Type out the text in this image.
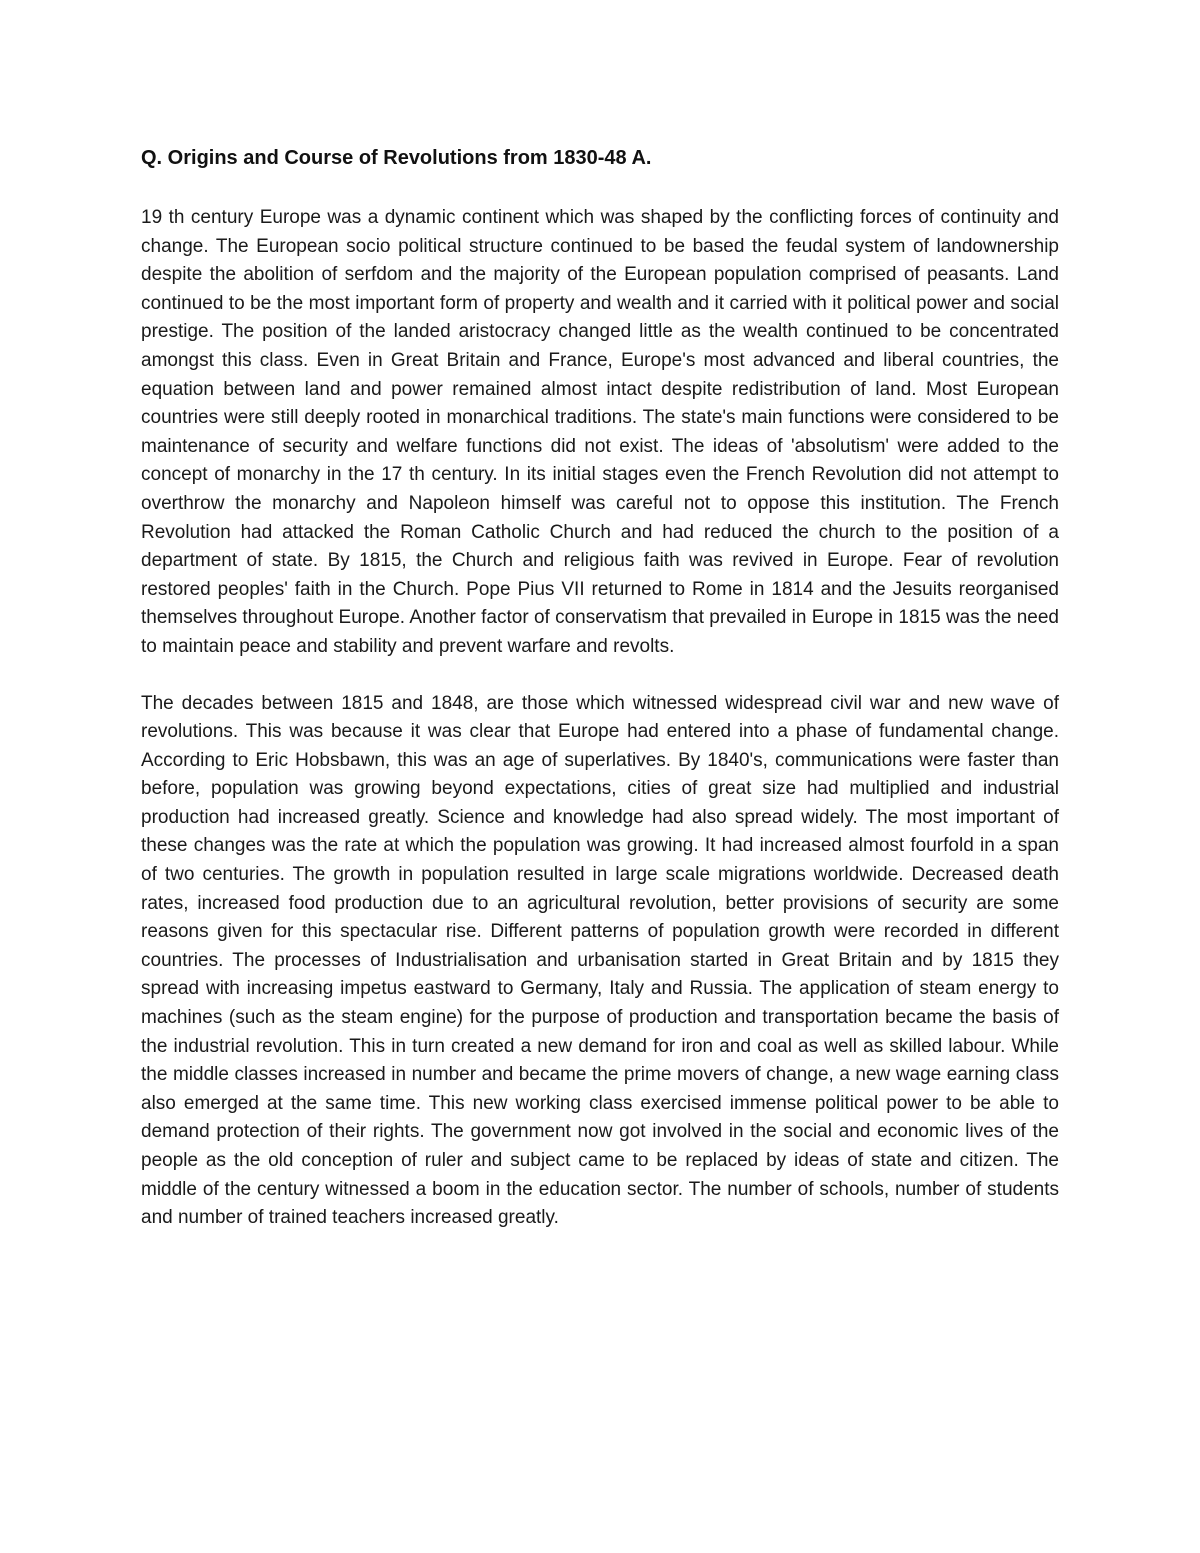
Q. Origins and Course of Revolutions from 1830-48 A.

19 th century Europe was a dynamic continent which was shaped by the conflicting forces of continuity and change. The European socio political structure continued to be based the feudal system of landownership despite the abolition of serfdom and the majority of the European population comprised of peasants. Land continued to be the most important form of property and wealth and it carried with it political power and social prestige. The position of the landed aristocracy changed little as the wealth continued to be concentrated amongst this class. Even in Great Britain and France, Europe's most advanced and liberal countries, the equation between land and power remained almost intact despite redistribution of land. Most European countries were still deeply rooted in monarchical traditions. The state's main functions were considered to be maintenance of security and welfare functions did not exist. The ideas of 'absolutism' were added to the concept of monarchy in the 17 th century. In its initial stages even the French Revolution did not attempt to overthrow the monarchy and Napoleon himself was careful not to oppose this institution. The French Revolution had attacked the Roman Catholic Church and had reduced the church to the position of a department of state. By 1815, the Church and religious faith was revived in Europe. Fear of revolution restored peoples' faith in the Church. Pope Pius VII returned to Rome in 1814 and the Jesuits reorganised themselves throughout Europe. Another factor of conservatism that prevailed in Europe in 1815 was the need to maintain peace and stability and prevent warfare and revolts.

The decades between 1815 and 1848, are those which witnessed widespread civil war and new wave of revolutions. This was because it was clear that Europe had entered into a phase of fundamental change. According to Eric Hobsbawn, this was an age of superlatives. By 1840's, communications were faster than before, population was growing beyond expectations, cities of great size had multiplied and industrial production had increased greatly. Science and knowledge had also spread widely. The most important of these changes was the rate at which the population was growing. It had increased almost fourfold in a span of two centuries. The growth in population resulted in large scale migrations worldwide. Decreased death rates, increased food production due to an agricultural revolution, better provisions of security are some reasons given for this spectacular rise. Different patterns of population growth were recorded in different countries. The processes of Industrialisation and urbanisation started in Great Britain and by 1815 they spread with increasing impetus eastward to Germany, Italy and Russia. The application of steam energy to machines (such as the steam engine) for the purpose of production and transportation became the basis of the industrial revolution. This in turn created a new demand for iron and coal as well as skilled labour. While the middle classes increased in number and became the prime movers of change, a new wage earning class also emerged at the same time. This new working class exercised immense political power to be able to demand protection of their rights. The government now got involved in the social and economic lives of the people as the old conception of ruler and subject came to be replaced by ideas of state and citizen. The middle of the century witnessed a boom in the education sector. The number of schools, number of students and number of trained teachers increased greatly.
